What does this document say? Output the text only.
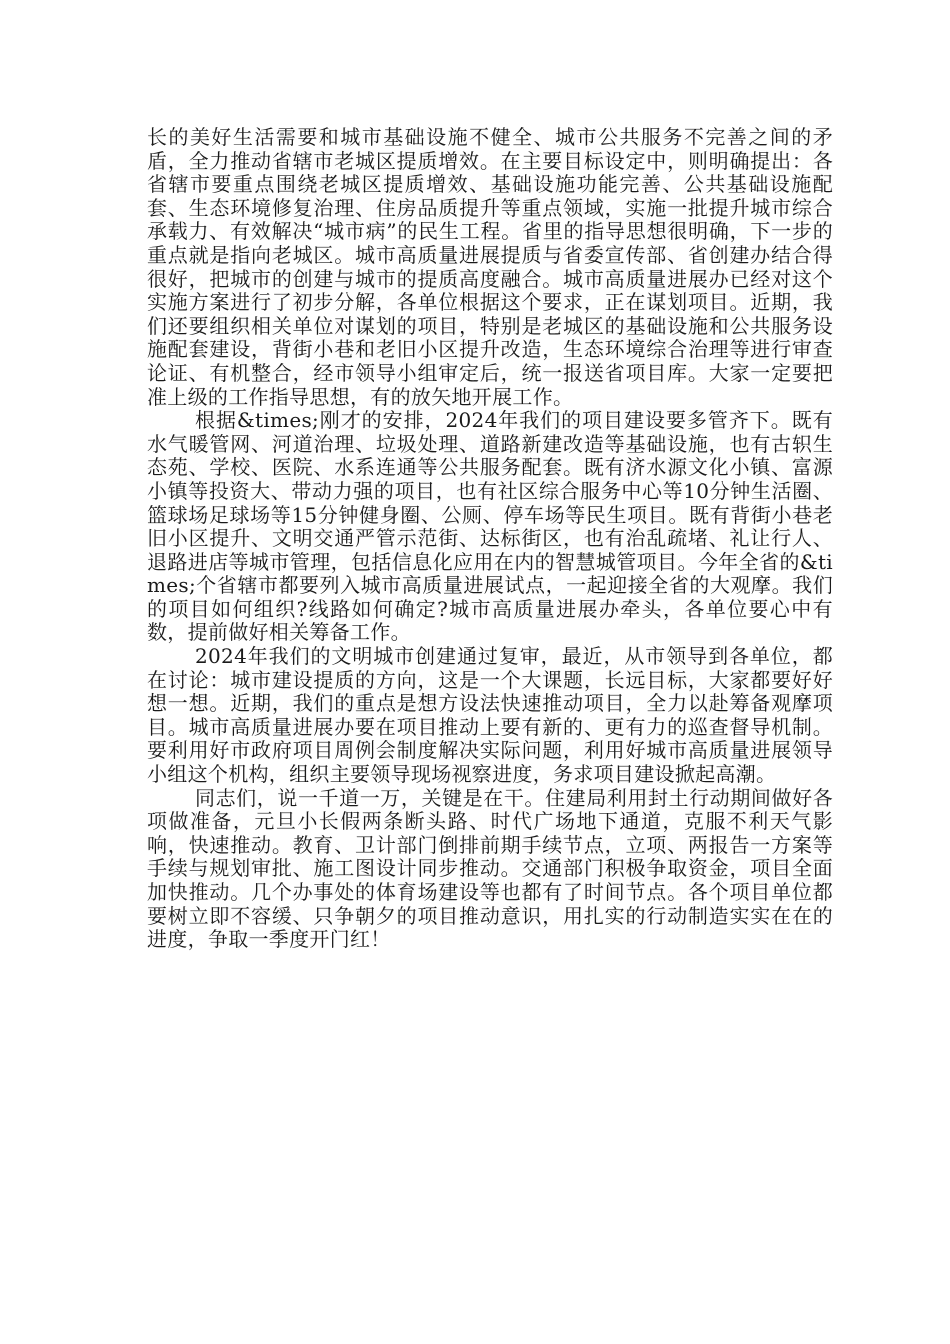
长的美好生活需要和城市基础设施不健全、城市公共服务不完善之间的矛盾，全力推动省辖市老城区提质增效。在主要目标设定中，则明确提出：各省辖市要重点围绕老城区提质增效、基础设施功能完善、公共基础设施配套、生态环境修复治理、住房品质提升等重点领域，实施一批提升城市综合承载力、有效解决“城市病”的民生工程。省里的指导思想很明确，下一步的重点就是指向老城区。城市高质量进展提质与省委宣传部、省创建办结合得很好，把城市的创建与城市的提质高度融合。城市高质量进展办已经对这个实施方案进行了初步分解，各单位根据这个要求，正在谋划项目。近期，我们还要组织相关单位对谋划的项目，特别是老城区的基础设施和公共服务设施配套建设，背街小巷和老旧小区提升改造，生态环境综合治理等进行审查论证、有机整合，经市领导小组审定后，统一报送省项目库。大家一定要把准上级的工作指导思想，有的放矢地开展工作。

根据&times;刚才的安排，2024年我们的项目建设要多管齐下。既有水气暖管网、河道治理、垃圾处理、道路新建改造等基础设施，也有古轵生态苑、学校、医院、水系连通等公共服务配套。既有济水源文化小镇、富源小镇等投资大、带动力强的项目，也有社区综合服务中心等10分钟生活圈、篮球场足球场等15分钟健身圈、公厕、停车场等民生项目。既有背街小巷老旧小区提升、文明交通严管示范街、达标街区，也有治乱疏堵、礼让行人、退路进店等城市管理，包括信息化应用在内的智慧城管项目。今年全省的&times;个省辖市都要列入城市高质量进展试点，一起迎接全省的大观摩。我们的项目如何组织?线路如何确定?城市高质量进展办牵头，各单位要心中有数，提前做好相关筹备工作。

2024年我们的文明城市创建通过复审，最近，从市领导到各单位，都在讨论：城市建设提质的方向，这是一个大课题，长远目标，大家都要好好想一想。近期，我们的重点是想方设法快速推动项目，全力以赴筹备观摩项目。城市高质量进展办要在项目推动上要有新的、更有力的巡查督导机制。要利用好市政府项目周例会制度解决实际问题，利用好城市高质量进展领导小组这个机构，组织主要领导现场视察进度，务求项目建设掀起高潮。

同志们，说一千道一万，关键是在干。住建局利用封土行动期间做好各项做准备，元旦小长假两条断头路、时代广场地下通道，克服不利天气影响，快速推动。教育、卫计部门倒排前期手续节点，立项、两报告一方案等手续与规划审批、施工图设计同步推动。交通部门积极争取资金，项目全面加快推动。几个办事处的体育场建设等也都有了时间节点。各个项目单位都要树立即不容缓、只争朝夕的项目推动意识，用扎实的行动制造实实在在的进度，争取一季度开门红！
